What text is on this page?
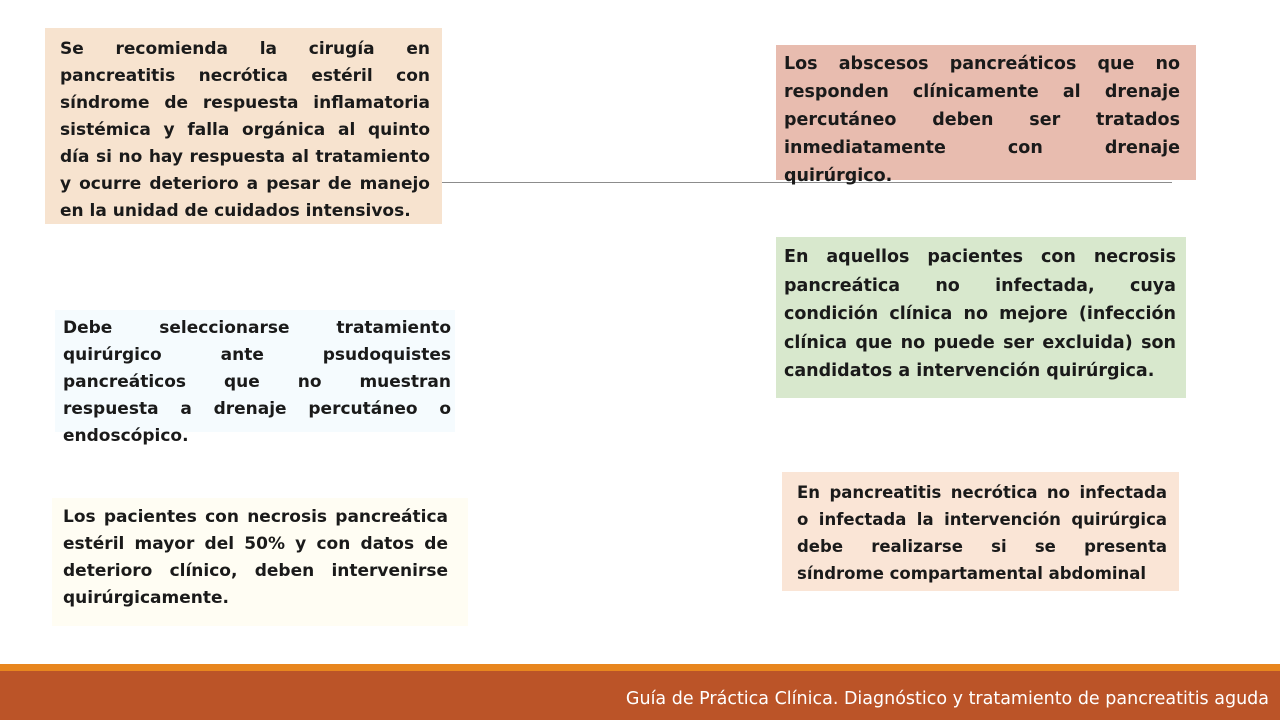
Se recomienda la cirugía en pancreatitis necrótica estéril con síndrome de respuesta inflamatoria sistémica y falla orgánica al quinto día si no hay respuesta al tratamiento y ocurre deterioro a pesar de manejo en la unidad de cuidados intensivos.
Los abscesos pancreáticos que no responden clínicamente al drenaje percutáneo deben ser tratados inmediatamente con drenaje quirúrgico.
En aquellos pacientes con necrosis pancreática no infectada, cuya condición clínica no mejore (infección clínica que no puede ser excluida) son candidatos a intervención quirúrgica.
Debe seleccionarse tratamiento quirúrgico ante psudoquistes pancreáticos que no muestran respuesta a drenaje percutáneo o endoscópico.
Los pacientes con necrosis pancreática estéril mayor del 50% y con datos de deterioro clínico, deben intervenirse quirúrgicamente.
En pancreatitis necrótica no infectada o infectada la intervención quirúrgica debe realizarse si se presenta síndrome compartamental abdominal
Guía de Práctica Clínica. Diagnóstico y tratamiento de pancreatitis aguda
